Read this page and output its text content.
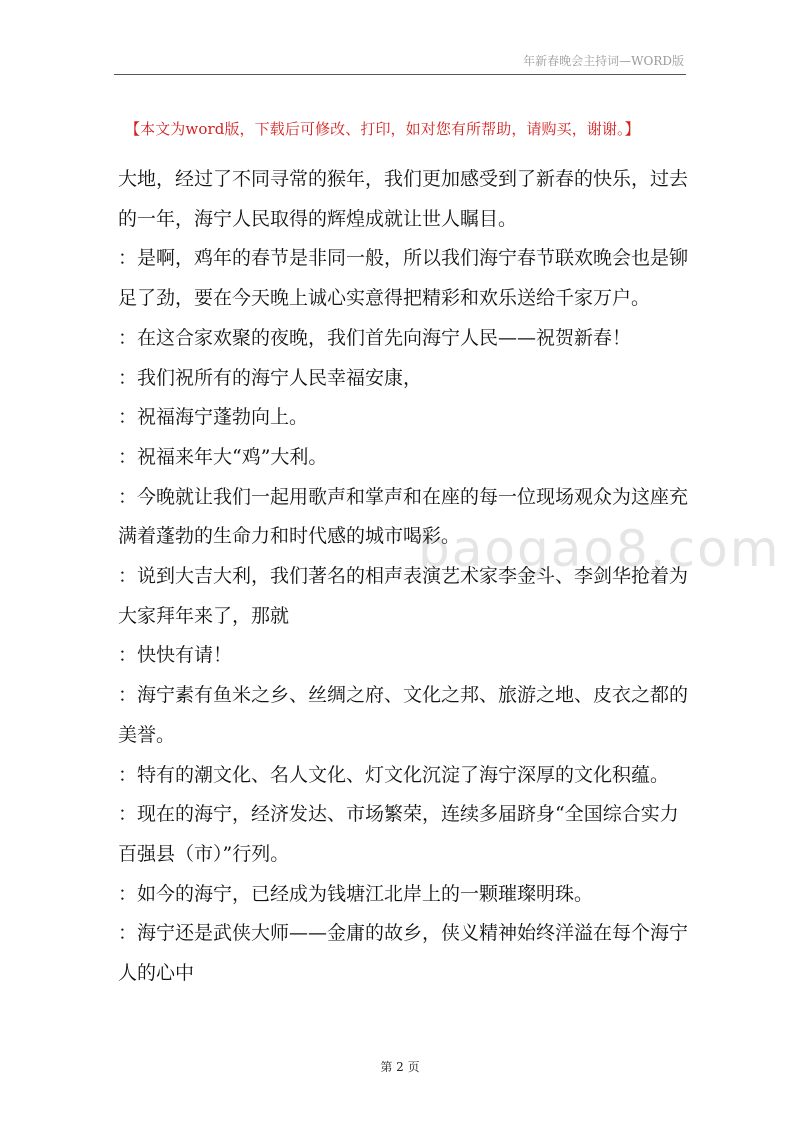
年新春晚会主持词—WORD版
【本文为word版，下载后可修改、打印，如对您有所帮助，请购买，谢谢。】
baogao8.com

大地，经过了不同寻常的猴年，我们更加感受到了新春的快乐，过去的一年，海宁人民取得的辉煌成就让世人瞩目。

：是啊，鸡年的春节是非同一般，所以我们海宁春节联欢晚会也是铆足了劲，要在今天晚上诚心实意得把精彩和欢乐送给千家万户。

：在这合家欢聚的夜晚，我们首先向海宁人民——祝贺新春！

：我们祝所有的海宁人民幸福安康，

：祝福海宁蓬勃向上。

：祝福来年大“鸡”大利。

：今晚就让我们一起用歌声和掌声和在座的每一位现场观众为这座充满着蓬勃的生命力和时代感的城市喝彩。

：说到大吉大利，我们著名的相声表演艺术家李金斗、李剑华抢着为大家拜年来了，那就

：快快有请！

：海宁素有鱼米之乡、丝绸之府、文化之邦、旅游之地、皮衣之都的美誉。

：特有的潮文化、名人文化、灯文化沉淀了海宁深厚的文化积蕴。

：现在的海宁，经济发达、市场繁荣，连续多届跻身“全国综合实力百强县（市）”行列。

：如今的海宁，已经成为钱塘江北岸上的一颗璀璨明珠。

：海宁还是武侠大师——金庸的故乡，侠义精神始终洋溢在每个海宁人的心中

第 2 页
